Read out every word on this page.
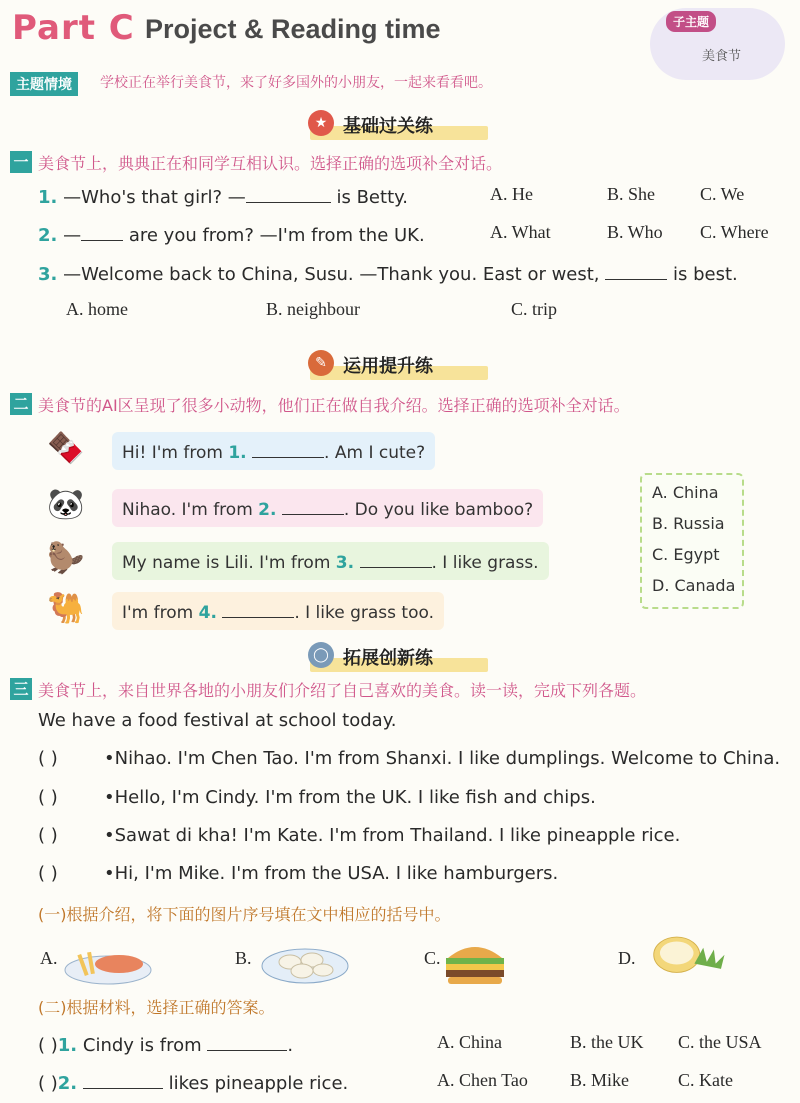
Part C Project & Reading time	子主题
美食节
主题情境	学校正在举行美食节，来了好多国外的小朋友，一起来看看吧。
★ 基础过关练
一 美食节上，典典正在和同学互相认识。选择正确的选项补全对话。
1. —Who's that girl? —	is Betty.	A. He	B. She C. We
2. — are you from? —I'm from the UK.	A. What	B. Who C. Where
3. —Welcome back to China, Susu. —Thank you. East or west,	is best.
A. home	B. neighbour	C. trip
✎ 运用提升练
二 美食节的AI区呈现了很多小动物，他们正在做自我介绍。选择正确的选项补全对话。
🍫	Hi! I'm from 1.	. Am I cute?
🐼	Nihao. I'm from 2.	. Do you like bamboo?
🦫	My name is Lili. I'm from 3.	. I like grass.
🐫	I'm from 4.	. I like grass too.
A. China
B. Russia
C. Egypt
D. Canada
◯ 拓展创新练
三 美食节上，来自世界各地的小朋友们介绍了自己喜欢的美食。读一读，完成下列各题。
We have a food festival at school today.
( )	•Nihao. I'm Chen Tao. I'm from Shanxi. I like dumplings. Welcome to China.
( )	•Hello, I'm Cindy. I'm from the UK. I like fish and chips.
( )	•Sawat di kha! I'm Kate. I'm from Thailand. I like pineapple rice.
( )	•Hi, I'm Mike. I'm from the USA. I like hamburgers.
(一)根据介绍，将下面的图片序号填在文中相应的括号中。
A.	B.	C.	D.
(二)根据材料，选择正确的答案。
( )1. Cindy is from	.	A. China	B. the UK C. the USA
( )2.	likes pineapple rice.	A. Chen Tao B. Mike	C. Kate
